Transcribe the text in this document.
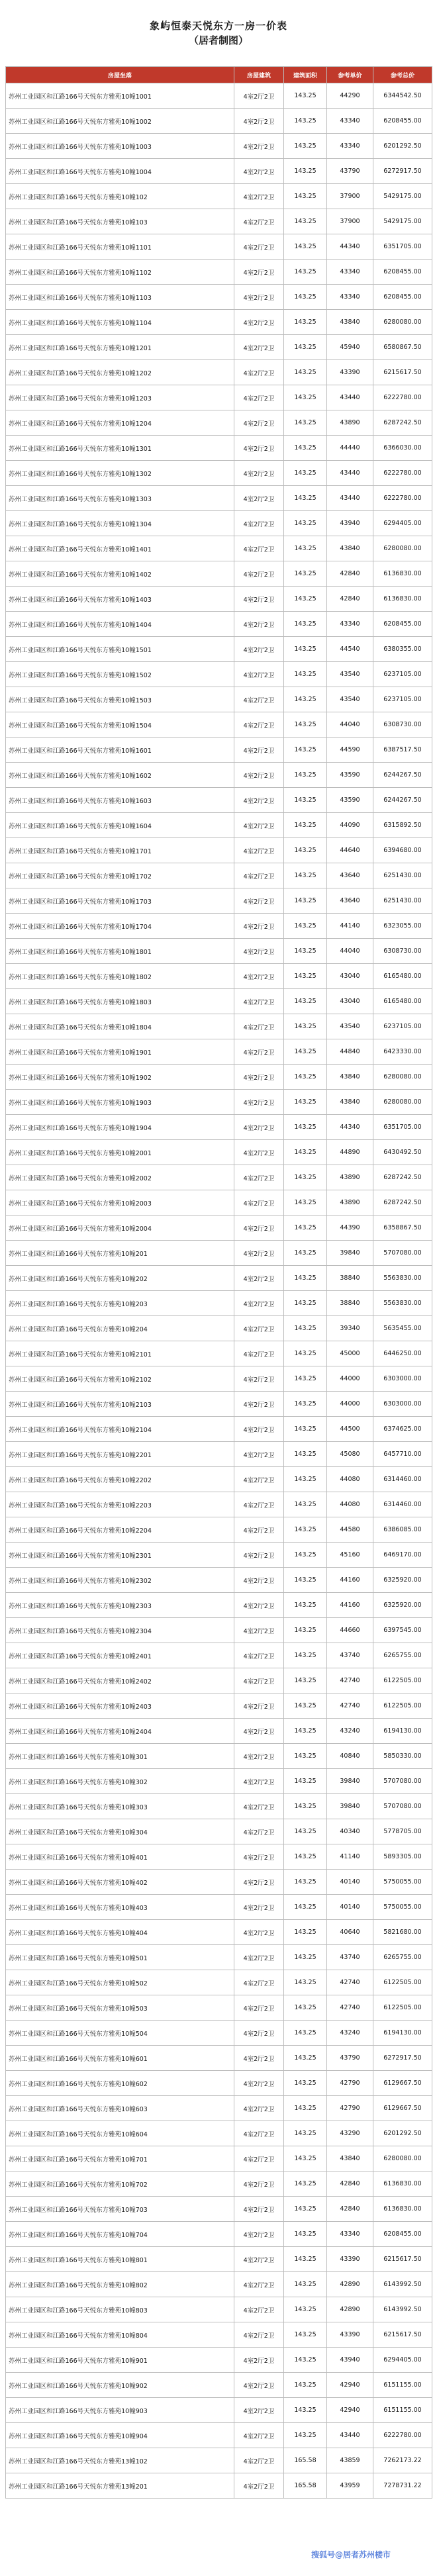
象屿恒泰天悦东方一房一价表
（居者制图）
房屋坐落	房屋建筑	建筑面积	参考单价	参考总价
苏州工业园区和江路166号天悦东方雅苑10幢1001	4室2厅2卫	143.25	44290	6344542.50
苏州工业园区和江路166号天悦东方雅苑10幢1002	4室2厅2卫	143.25	43340	6208455.00
苏州工业园区和江路166号天悦东方雅苑10幢1003	4室2厅2卫	143.25	43340	6201292.50
苏州工业园区和江路166号天悦东方雅苑10幢1004	4室2厅2卫	143.25	43790	6272917.50
苏州工业园区和江路166号天悦东方雅苑10幢102	4室2厅2卫	143.25	37900	5429175.00
苏州工业园区和江路166号天悦东方雅苑10幢103	4室2厅2卫	143.25	37900	5429175.00
苏州工业园区和江路166号天悦东方雅苑10幢1101	4室2厅2卫	143.25	44340	6351705.00
苏州工业园区和江路166号天悦东方雅苑10幢1102	4室2厅2卫	143.25	43340	6208455.00
苏州工业园区和江路166号天悦东方雅苑10幢1103	4室2厅2卫	143.25	43340	6208455.00
苏州工业园区和江路166号天悦东方雅苑10幢1104	4室2厅2卫	143.25	43840	6280080.00
苏州工业园区和江路166号天悦东方雅苑10幢1201	4室2厅2卫	143.25	45940	6580867.50
苏州工业园区和江路166号天悦东方雅苑10幢1202	4室2厅2卫	143.25	43390	6215617.50
苏州工业园区和江路166号天悦东方雅苑10幢1203	4室2厅2卫	143.25	43440	6222780.00
苏州工业园区和江路166号天悦东方雅苑10幢1204	4室2厅2卫	143.25	43890	6287242.50
苏州工业园区和江路166号天悦东方雅苑10幢1301	4室2厅2卫	143.25	44440	6366030.00
苏州工业园区和江路166号天悦东方雅苑10幢1302	4室2厅2卫	143.25	43440	6222780.00
苏州工业园区和江路166号天悦东方雅苑10幢1303	4室2厅2卫	143.25	43440	6222780.00
苏州工业园区和江路166号天悦东方雅苑10幢1304	4室2厅2卫	143.25	43940	6294405.00
苏州工业园区和江路166号天悦东方雅苑10幢1401	4室2厅2卫	143.25	43840	6280080.00
苏州工业园区和江路166号天悦东方雅苑10幢1402	4室2厅2卫	143.25	42840	6136830.00
苏州工业园区和江路166号天悦东方雅苑10幢1403	4室2厅2卫	143.25	42840	6136830.00
苏州工业园区和江路166号天悦东方雅苑10幢1404	4室2厅2卫	143.25	43340	6208455.00
苏州工业园区和江路166号天悦东方雅苑10幢1501	4室2厅2卫	143.25	44540	6380355.00
苏州工业园区和江路166号天悦东方雅苑10幢1502	4室2厅2卫	143.25	43540	6237105.00
苏州工业园区和江路166号天悦东方雅苑10幢1503	4室2厅2卫	143.25	43540	6237105.00
苏州工业园区和江路166号天悦东方雅苑10幢1504	4室2厅2卫	143.25	44040	6308730.00
苏州工业园区和江路166号天悦东方雅苑10幢1601	4室2厅2卫	143.25	44590	6387517.50
苏州工业园区和江路166号天悦东方雅苑10幢1602	4室2厅2卫	143.25	43590	6244267.50
苏州工业园区和江路166号天悦东方雅苑10幢1603	4室2厅2卫	143.25	43590	6244267.50
苏州工业园区和江路166号天悦东方雅苑10幢1604	4室2厅2卫	143.25	44090	6315892.50
苏州工业园区和江路166号天悦东方雅苑10幢1701	4室2厅2卫	143.25	44640	6394680.00
苏州工业园区和江路166号天悦东方雅苑10幢1702	4室2厅2卫	143.25	43640	6251430.00
苏州工业园区和江路166号天悦东方雅苑10幢1703	4室2厅2卫	143.25	43640	6251430.00
苏州工业园区和江路166号天悦东方雅苑10幢1704	4室2厅2卫	143.25	44140	6323055.00
苏州工业园区和江路166号天悦东方雅苑10幢1801	4室2厅2卫	143.25	44040	6308730.00
苏州工业园区和江路166号天悦东方雅苑10幢1802	4室2厅2卫	143.25	43040	6165480.00
苏州工业园区和江路166号天悦东方雅苑10幢1803	4室2厅2卫	143.25	43040	6165480.00
苏州工业园区和江路166号天悦东方雅苑10幢1804	4室2厅2卫	143.25	43540	6237105.00
苏州工业园区和江路166号天悦东方雅苑10幢1901	4室2厅2卫	143.25	44840	6423330.00
苏州工业园区和江路166号天悦东方雅苑10幢1902	4室2厅2卫	143.25	43840	6280080.00
苏州工业园区和江路166号天悦东方雅苑10幢1903	4室2厅2卫	143.25	43840	6280080.00
苏州工业园区和江路166号天悦东方雅苑10幢1904	4室2厅2卫	143.25	44340	6351705.00
苏州工业园区和江路166号天悦东方雅苑10幢2001	4室2厅2卫	143.25	44890	6430492.50
苏州工业园区和江路166号天悦东方雅苑10幢2002	4室2厅2卫	143.25	43890	6287242.50
苏州工业园区和江路166号天悦东方雅苑10幢2003	4室2厅2卫	143.25	43890	6287242.50
苏州工业园区和江路166号天悦东方雅苑10幢2004	4室2厅2卫	143.25	44390	6358867.50
苏州工业园区和江路166号天悦东方雅苑10幢201	4室2厅2卫	143.25	39840	5707080.00
苏州工业园区和江路166号天悦东方雅苑10幢202	4室2厅2卫	143.25	38840	5563830.00
苏州工业园区和江路166号天悦东方雅苑10幢203	4室2厅2卫	143.25	38840	5563830.00
苏州工业园区和江路166号天悦东方雅苑10幢204	4室2厅2卫	143.25	39340	5635455.00
苏州工业园区和江路166号天悦东方雅苑10幢2101	4室2厅2卫	143.25	45000	6446250.00
苏州工业园区和江路166号天悦东方雅苑10幢2102	4室2厅2卫	143.25	44000	6303000.00
苏州工业园区和江路166号天悦东方雅苑10幢2103	4室2厅2卫	143.25	44000	6303000.00
苏州工业园区和江路166号天悦东方雅苑10幢2104	4室2厅2卫	143.25	44500	6374625.00
苏州工业园区和江路166号天悦东方雅苑10幢2201	4室2厅2卫	143.25	45080	6457710.00
苏州工业园区和江路166号天悦东方雅苑10幢2202	4室2厅2卫	143.25	44080	6314460.00
苏州工业园区和江路166号天悦东方雅苑10幢2203	4室2厅2卫	143.25	44080	6314460.00
苏州工业园区和江路166号天悦东方雅苑10幢2204	4室2厅2卫	143.25	44580	6386085.00
苏州工业园区和江路166号天悦东方雅苑10幢2301	4室2厅2卫	143.25	45160	6469170.00
苏州工业园区和江路166号天悦东方雅苑10幢2302	4室2厅2卫	143.25	44160	6325920.00
苏州工业园区和江路166号天悦东方雅苑10幢2303	4室2厅2卫	143.25	44160	6325920.00
苏州工业园区和江路166号天悦东方雅苑10幢2304	4室2厅2卫	143.25	44660	6397545.00
苏州工业园区和江路166号天悦东方雅苑10幢2401	4室2厅2卫	143.25	43740	6265755.00
苏州工业园区和江路166号天悦东方雅苑10幢2402	4室2厅2卫	143.25	42740	6122505.00
苏州工业园区和江路166号天悦东方雅苑10幢2403	4室2厅2卫	143.25	42740	6122505.00
苏州工业园区和江路166号天悦东方雅苑10幢2404	4室2厅2卫	143.25	43240	6194130.00
苏州工业园区和江路166号天悦东方雅苑10幢301	4室2厅2卫	143.25	40840	5850330.00
苏州工业园区和江路166号天悦东方雅苑10幢302	4室2厅2卫	143.25	39840	5707080.00
苏州工业园区和江路166号天悦东方雅苑10幢303	4室2厅2卫	143.25	39840	5707080.00
苏州工业园区和江路166号天悦东方雅苑10幢304	4室2厅2卫	143.25	40340	5778705.00
苏州工业园区和江路166号天悦东方雅苑10幢401	4室2厅2卫	143.25	41140	5893305.00
苏州工业园区和江路166号天悦东方雅苑10幢402	4室2厅2卫	143.25	40140	5750055.00
苏州工业园区和江路166号天悦东方雅苑10幢403	4室2厅2卫	143.25	40140	5750055.00
苏州工业园区和江路166号天悦东方雅苑10幢404	4室2厅2卫	143.25	40640	5821680.00
苏州工业园区和江路166号天悦东方雅苑10幢501	4室2厅2卫	143.25	43740	6265755.00
苏州工业园区和江路166号天悦东方雅苑10幢502	4室2厅2卫	143.25	42740	6122505.00
苏州工业园区和江路166号天悦东方雅苑10幢503	4室2厅2卫	143.25	42740	6122505.00
苏州工业园区和江路166号天悦东方雅苑10幢504	4室2厅2卫	143.25	43240	6194130.00
苏州工业园区和江路166号天悦东方雅苑10幢601	4室2厅2卫	143.25	43790	6272917.50
苏州工业园区和江路166号天悦东方雅苑10幢602	4室2厅2卫	143.25	42790	6129667.50
苏州工业园区和江路166号天悦东方雅苑10幢603	4室2厅2卫	143.25	42790	6129667.50
苏州工业园区和江路166号天悦东方雅苑10幢604	4室2厅2卫	143.25	43290	6201292.50
苏州工业园区和江路166号天悦东方雅苑10幢701	4室2厅2卫	143.25	43840	6280080.00
苏州工业园区和江路166号天悦东方雅苑10幢702	4室2厅2卫	143.25	42840	6136830.00
苏州工业园区和江路166号天悦东方雅苑10幢703	4室2厅2卫	143.25	42840	6136830.00
苏州工业园区和江路166号天悦东方雅苑10幢704	4室2厅2卫	143.25	43340	6208455.00
苏州工业园区和江路166号天悦东方雅苑10幢801	4室2厅2卫	143.25	43390	6215617.50
苏州工业园区和江路166号天悦东方雅苑10幢802	4室2厅2卫	143.25	42890	6143992.50
苏州工业园区和江路166号天悦东方雅苑10幢803	4室2厅2卫	143.25	42890	6143992.50
苏州工业园区和江路166号天悦东方雅苑10幢804	4室2厅2卫	143.25	43390	6215617.50
苏州工业园区和江路166号天悦东方雅苑10幢901	4室2厅2卫	143.25	43940	6294405.00
苏州工业园区和江路166号天悦东方雅苑10幢902	4室2厅2卫	143.25	42940	6151155.00
苏州工业园区和江路166号天悦东方雅苑10幢903	4室2厅2卫	143.25	42940	6151155.00
苏州工业园区和江路166号天悦东方雅苑10幢904	4室2厅2卫	143.25	43440	6222780.00
苏州工业园区和江路166号天悦东方雅苑13幢102	4室2厅2卫	165.58	43859	7262173.22
苏州工业园区和江路166号天悦东方雅苑13幢201	4室2厅2卫	165.58	43959	7278731.22
搜狐号@居者苏州楼市
